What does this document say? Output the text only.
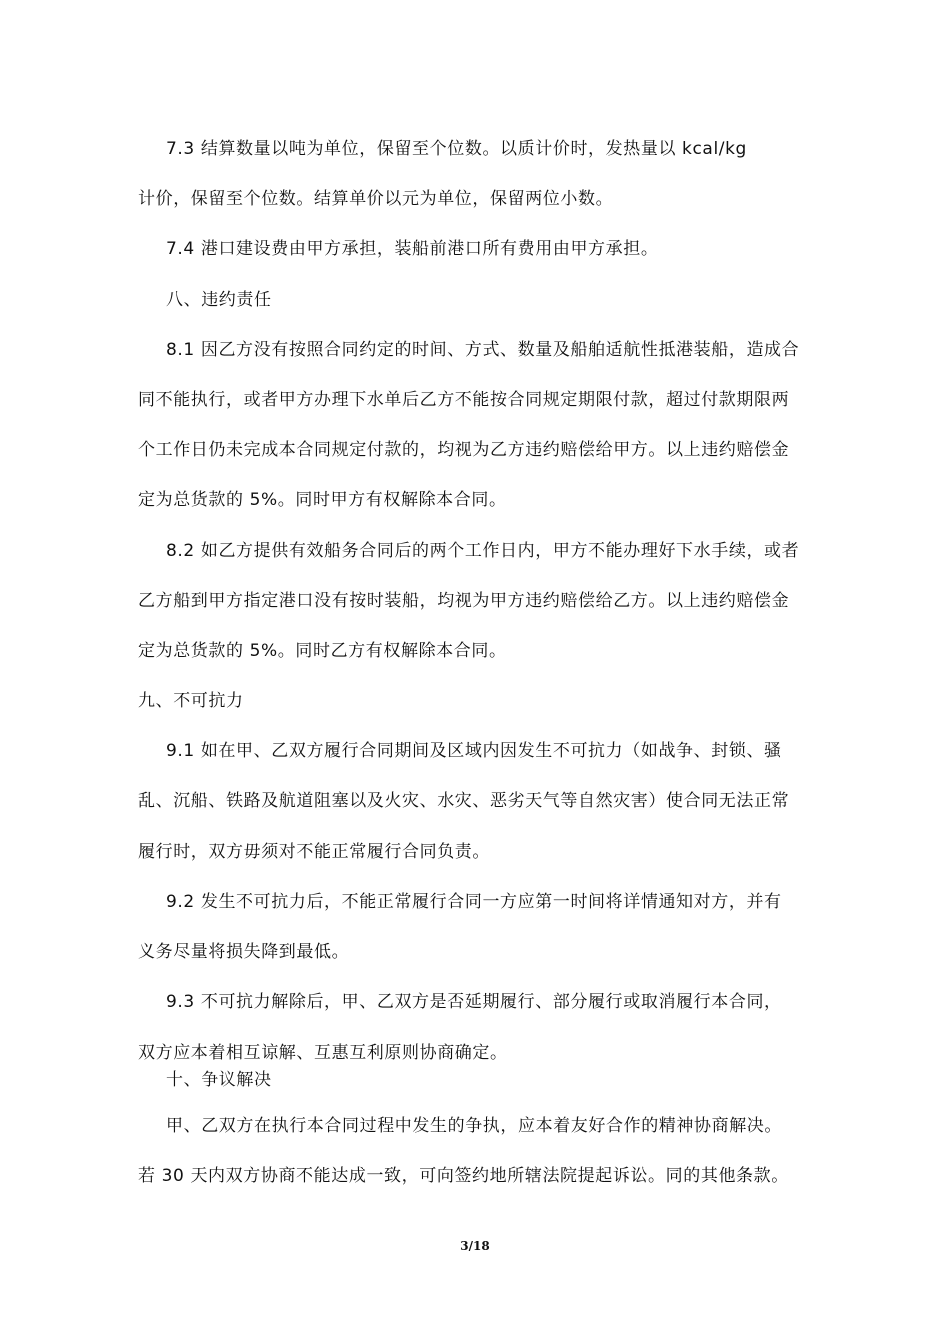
7.3 结算数量以吨为单位，保留至个位数。以质计价时，发热量以 kcal/kg
计价，保留至个位数。结算单价以元为单位，保留两位小数。
7.4 港口建设费由甲方承担，装船前港口所有费用由甲方承担。
八、违约责任
8.1 因乙方没有按照合同约定的时间、方式、数量及船舶适航性抵港装船，造成合
同不能执行，或者甲方办理下水单后乙方不能按合同规定期限付款，超过付款期限两
个工作日仍未完成本合同规定付款的，均视为乙方违约赔偿给甲方。以上违约赔偿金
定为总货款的 5%。同时甲方有权解除本合同。
8.2 如乙方提供有效船务合同后的两个工作日内，甲方不能办理好下水手续，或者
乙方船到甲方指定港口没有按时装船，均视为甲方违约赔偿给乙方。以上违约赔偿金
定为总货款的 5%。同时乙方有权解除本合同。
九、不可抗力
9.1 如在甲、乙双方履行合同期间及区域内因发生不可抗力（如战争、封锁、骚
乱、沉船、铁路及航道阻塞以及火灾、水灾、恶劣天气等自然灾害）使合同无法正常
履行时，双方毋须对不能正常履行合同负责。
9.2 发生不可抗力后，不能正常履行合同一方应第一时间将详情通知对方，并有
义务尽量将损失降到最低。
9.3 不可抗力解除后，甲、乙双方是否延期履行、部分履行或取消履行本合同，
双方应本着相互谅解、互惠互利原则协商确定。
十、争议解决
甲、乙双方在执行本合同过程中发生的争执，应本着友好合作的精神协商解决。
若 30 天内双方协商不能达成一致，可向签约地所辖法院提起诉讼。同的其他条款。
3/18
